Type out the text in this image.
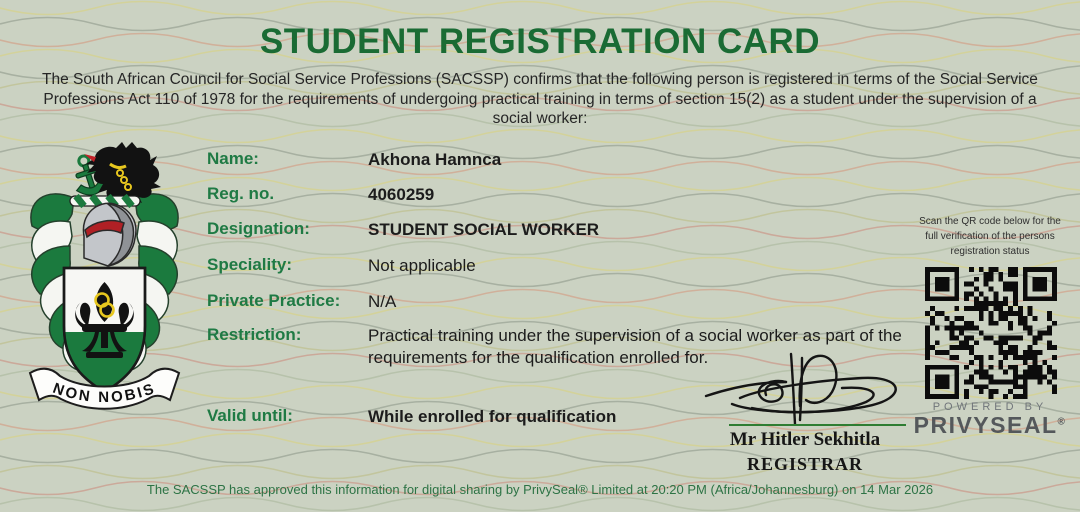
STUDENT REGISTRATION CARD
The South African Council for Social Service Professions (SACSSP) confirms that the following person is registered in terms of the Social Service Professions Act 110 of 1978 for the requirements of undergoing practical training in terms of section 15(2) as a student under the supervision of a social worker:
NON NOBIS
Name:	Akhona Hamnca
Reg. no.	4060259
Designation:	STUDENT SOCIAL WORKER
Speciality:	Not applicable
Private Practice:	N/A
Restriction:	Practical training under the supervision of a social worker as part of the requirements for the qualification enrolled for.
Valid until:	While enrolled for qualification
Scan the QR code below for the full verification of the persons registration status
POWERED BY
PRIVYSEAL®
Mr Hitler Sekhitla
REGISTRAR
The SACSSP has approved this information for digital sharing by PrivySeal® Limited at 20:20 PM (Africa/Johannesburg) on 14 Mar 2026
